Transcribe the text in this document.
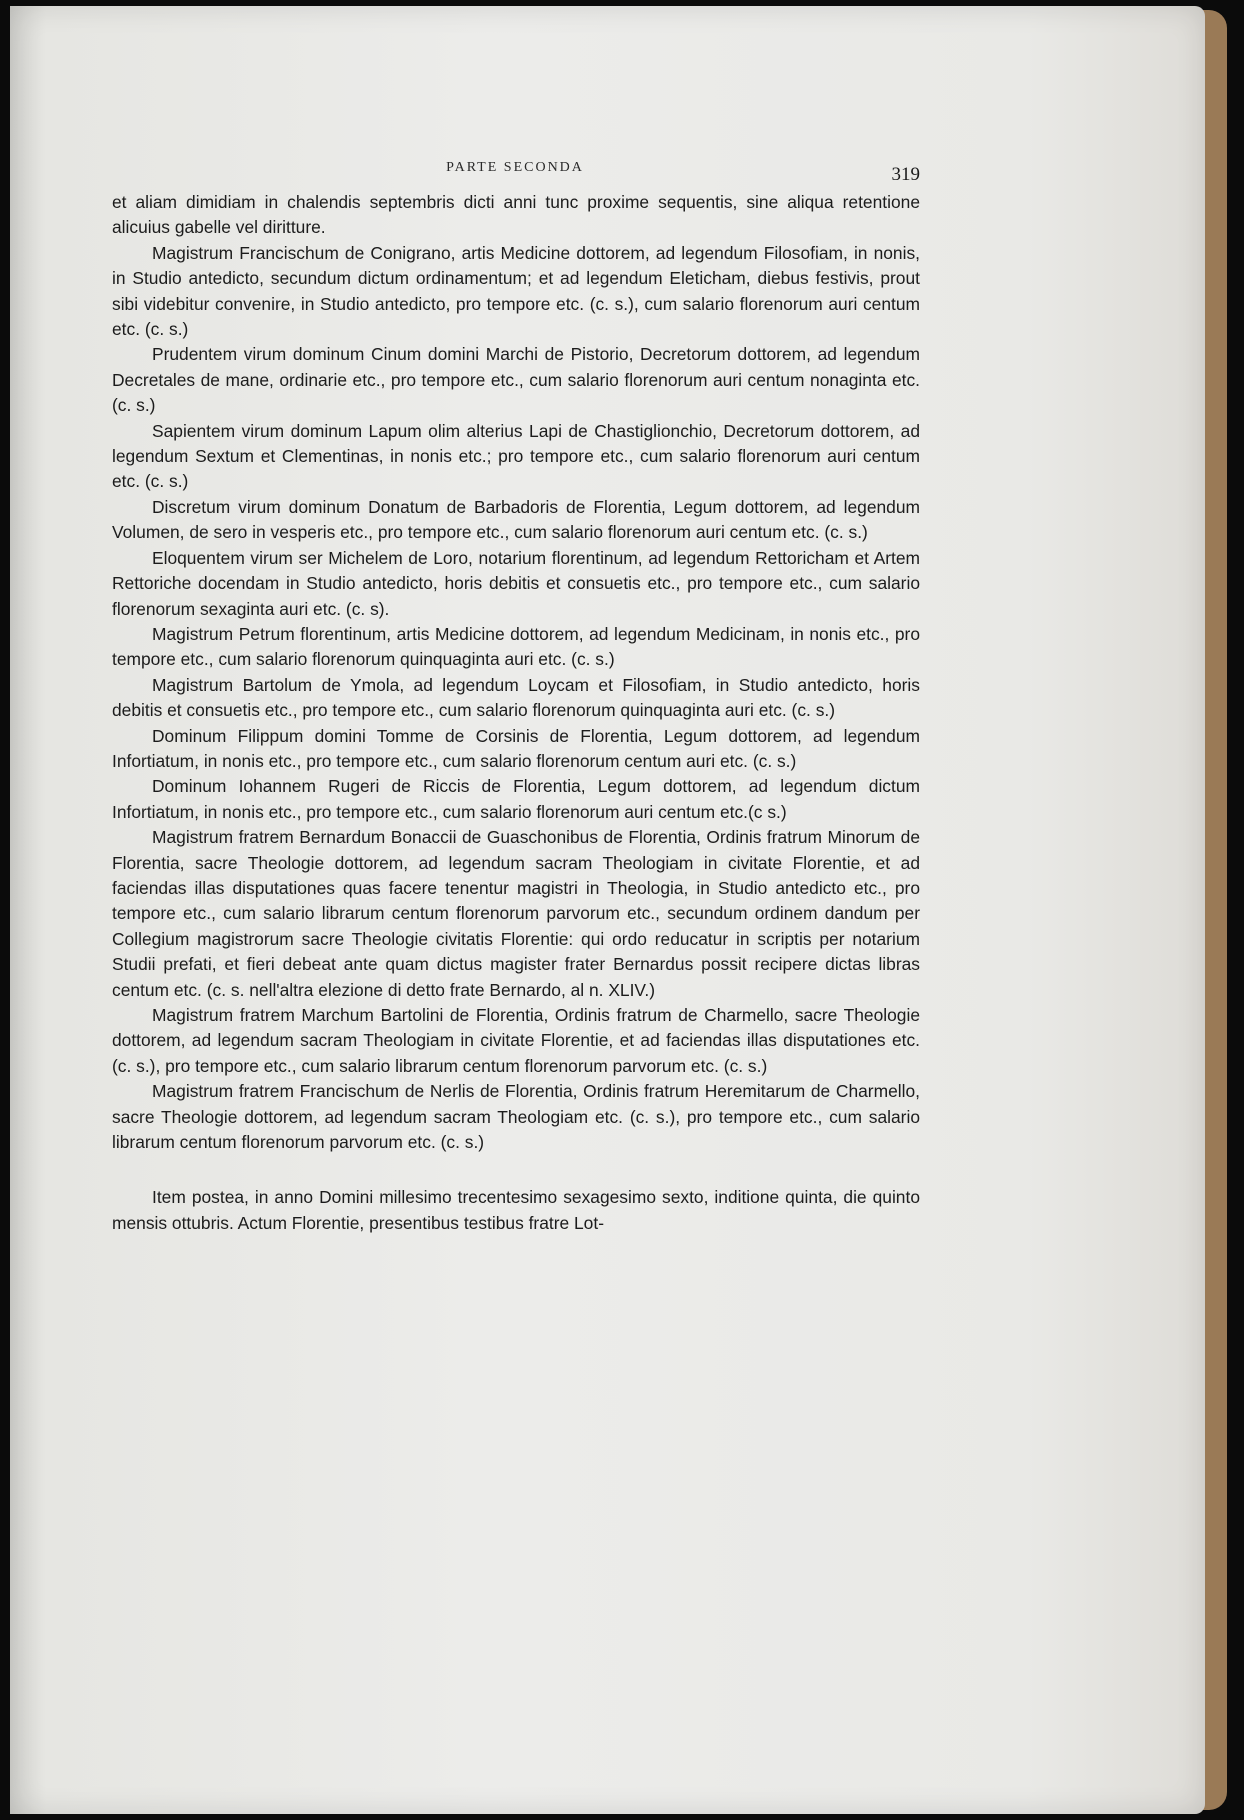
PARTE SECONDA	319

et aliam dimidiam in chalendis septembris dicti anni tunc proxime sequentis, sine aliqua retentione alicuius gabelle vel diritture.

Magistrum Francischum de Conigrano, artis Medicine dottorem, ad legendum Filosofiam, in nonis, in Studio antedicto, secundum dictum ordinamentum; et ad legendum Eleticham, diebus festivis, prout sibi videbitur convenire, in Studio antedicto, pro tempore etc. (c. s.), cum salario florenorum auri centum etc. (c. s.)

Prudentem virum dominum Cinum domini Marchi de Pistorio, Decretorum dottorem, ad legendum Decretales de mane, ordinarie etc., pro tempore etc., cum salario florenorum auri centum nonaginta etc. (c. s.)

Sapientem virum dominum Lapum olim alterius Lapi de Chastiglionchio, Decretorum dottorem, ad legendum Sextum et Clementinas, in nonis etc.; pro tempore etc., cum salario florenorum auri centum etc. (c. s.)

Discretum virum dominum Donatum de Barbadoris de Florentia, Legum dottorem, ad legendum Volumen, de sero in vesperis etc., pro tempore etc., cum salario florenorum auri centum etc. (c. s.)

Eloquentem virum ser Michelem de Loro, notarium florentinum, ad legendum Rettoricham et Artem Rettoriche docendam in Studio antedicto, horis debitis et consuetis etc., pro tempore etc., cum salario florenorum sexaginta auri etc. (c. s).

Magistrum Petrum florentinum, artis Medicine dottorem, ad legendum Medicinam, in nonis etc., pro tempore etc., cum salario florenorum quinquaginta auri etc. (c. s.)

Magistrum Bartolum de Ymola, ad legendum Loycam et Filosofiam, in Studio antedicto, horis debitis et consuetis etc., pro tempore etc., cum salario florenorum quinquaginta auri etc. (c. s.)

Dominum Filippum domini Tomme de Corsinis de Florentia, Legum dottorem, ad legendum Infortiatum, in nonis etc., pro tempore etc., cum salario florenorum centum auri etc. (c. s.)

Dominum Iohannem Rugeri de Riccis de Florentia, Legum dottorem, ad legendum dictum Infortiatum, in nonis etc., pro tempore etc., cum salario florenorum auri centum etc.(c s.)

Magistrum fratrem Bernardum Bonaccii de Guaschonibus de Florentia, Ordinis fratrum Minorum de Florentia, sacre Theologie dottorem, ad legendum sacram Theologiam in civitate Florentie, et ad faciendas illas disputationes quas facere tenentur magistri in Theologia, in Studio antedicto etc., pro tempore etc., cum salario librarum centum florenorum parvorum etc., secundum ordinem dandum per Collegium magistrorum sacre Theologie civitatis Florentie: qui ordo reducatur in scriptis per notarium Studii prefati, et fieri debeat ante quam dictus magister frater Bernardus possit recipere dictas libras centum etc. (c. s. nell'altra elezione di detto frate Bernardo, al n. XLIV.)

Magistrum fratrem Marchum Bartolini de Florentia, Ordinis fratrum de Charmello, sacre Theologie dottorem, ad legendum sacram Theologiam in civitate Florentie, et ad faciendas illas disputationes etc. (c. s.), pro tempore etc., cum salario librarum centum florenorum parvorum etc. (c. s.)

Magistrum fratrem Francischum de Nerlis de Florentia, Ordinis fratrum Heremitarum de Charmello, sacre Theologie dottorem, ad legendum sacram Theologiam etc. (c. s.), pro tempore etc., cum salario librarum centum florenorum parvorum etc. (c. s.)

Item postea, in anno Domini millesimo trecentesimo sexagesimo sexto, inditione quinta, die quinto mensis ottubris. Actum Florentie, presentibus testibus fratre Lot-
